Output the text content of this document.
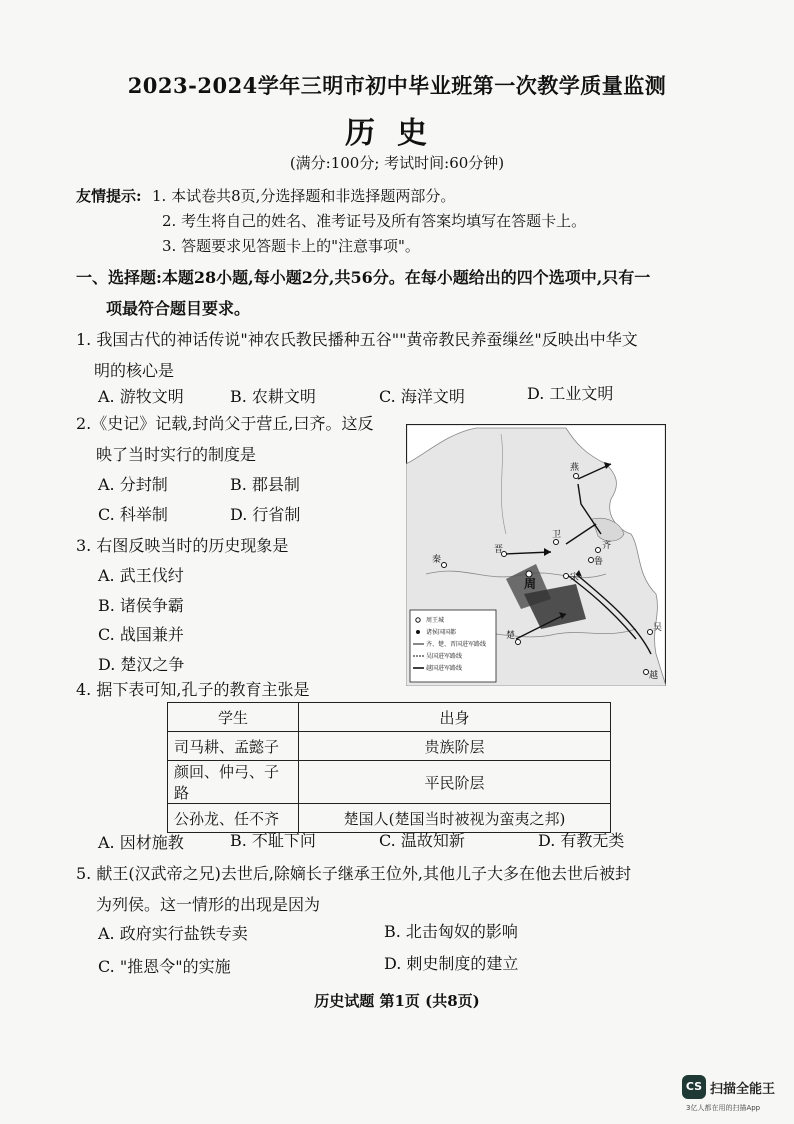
2023-2024学年三明市初中毕业班第一次教学质量监测
历史
(满分:100分; 考试时间:60分钟)
友情提示: 1. 本试卷共8页,分选择题和非选择题两部分。
2. 考生将自己的姓名、准考证号及所有答案均填写在答题卡上。
3. 答题要求见答题卡上的"注意事项"。
一、选择题:本题28小题,每小题2分,共56分。在每小题给出的四个选项中,只有一
项最符合题目要求。
1. 我国古代的神话传说"神农氏教民播种五谷""黄帝教民养蚕缫丝"反映出中华文
明的核心是
A. 游牧文明	B. 农耕文明	C. 海洋文明	D. 工业文明
2.《史记》记载,封尚父于营丘,曰齐。这反
映了当时实行的制度是
A. 分封制	B. 郡县制
C. 科举制	D. 行省制
3. 右图反映当时的历史现象是
A. 武王伐纣
B. 诸侯争霸
C. 战国兼并
D. 楚汉之争
燕
卫
齐
秦
晋
周	宋
鲁
楚
吴
越
周王城
诸侯国国都
齐、楚、晋国进军路线
吴国进军路线
越国进军路线
4. 据下表可知,孔子的教育主张是
学生	出身
司马耕、孟懿子	贵族阶层
颜回、仲弓、子路	平民阶层
公孙龙、任不齐	楚国人(楚国当时被视为蛮夷之邦)
A. 因材施教	B. 不耻下问	C. 温故知新	D. 有教无类
5. 献王(汉武帝之兄)去世后,除嫡长子继承王位外,其他儿子大多在他去世后被封
为列侯。这一情形的出现是因为
A. 政府实行盐铁专卖	B. 北击匈奴的影响
C. "推恩令"的实施	D. 刺史制度的建立
历史试题 第1页 (共8页)
CS 扫描全能王
3亿人都在用的扫描App
